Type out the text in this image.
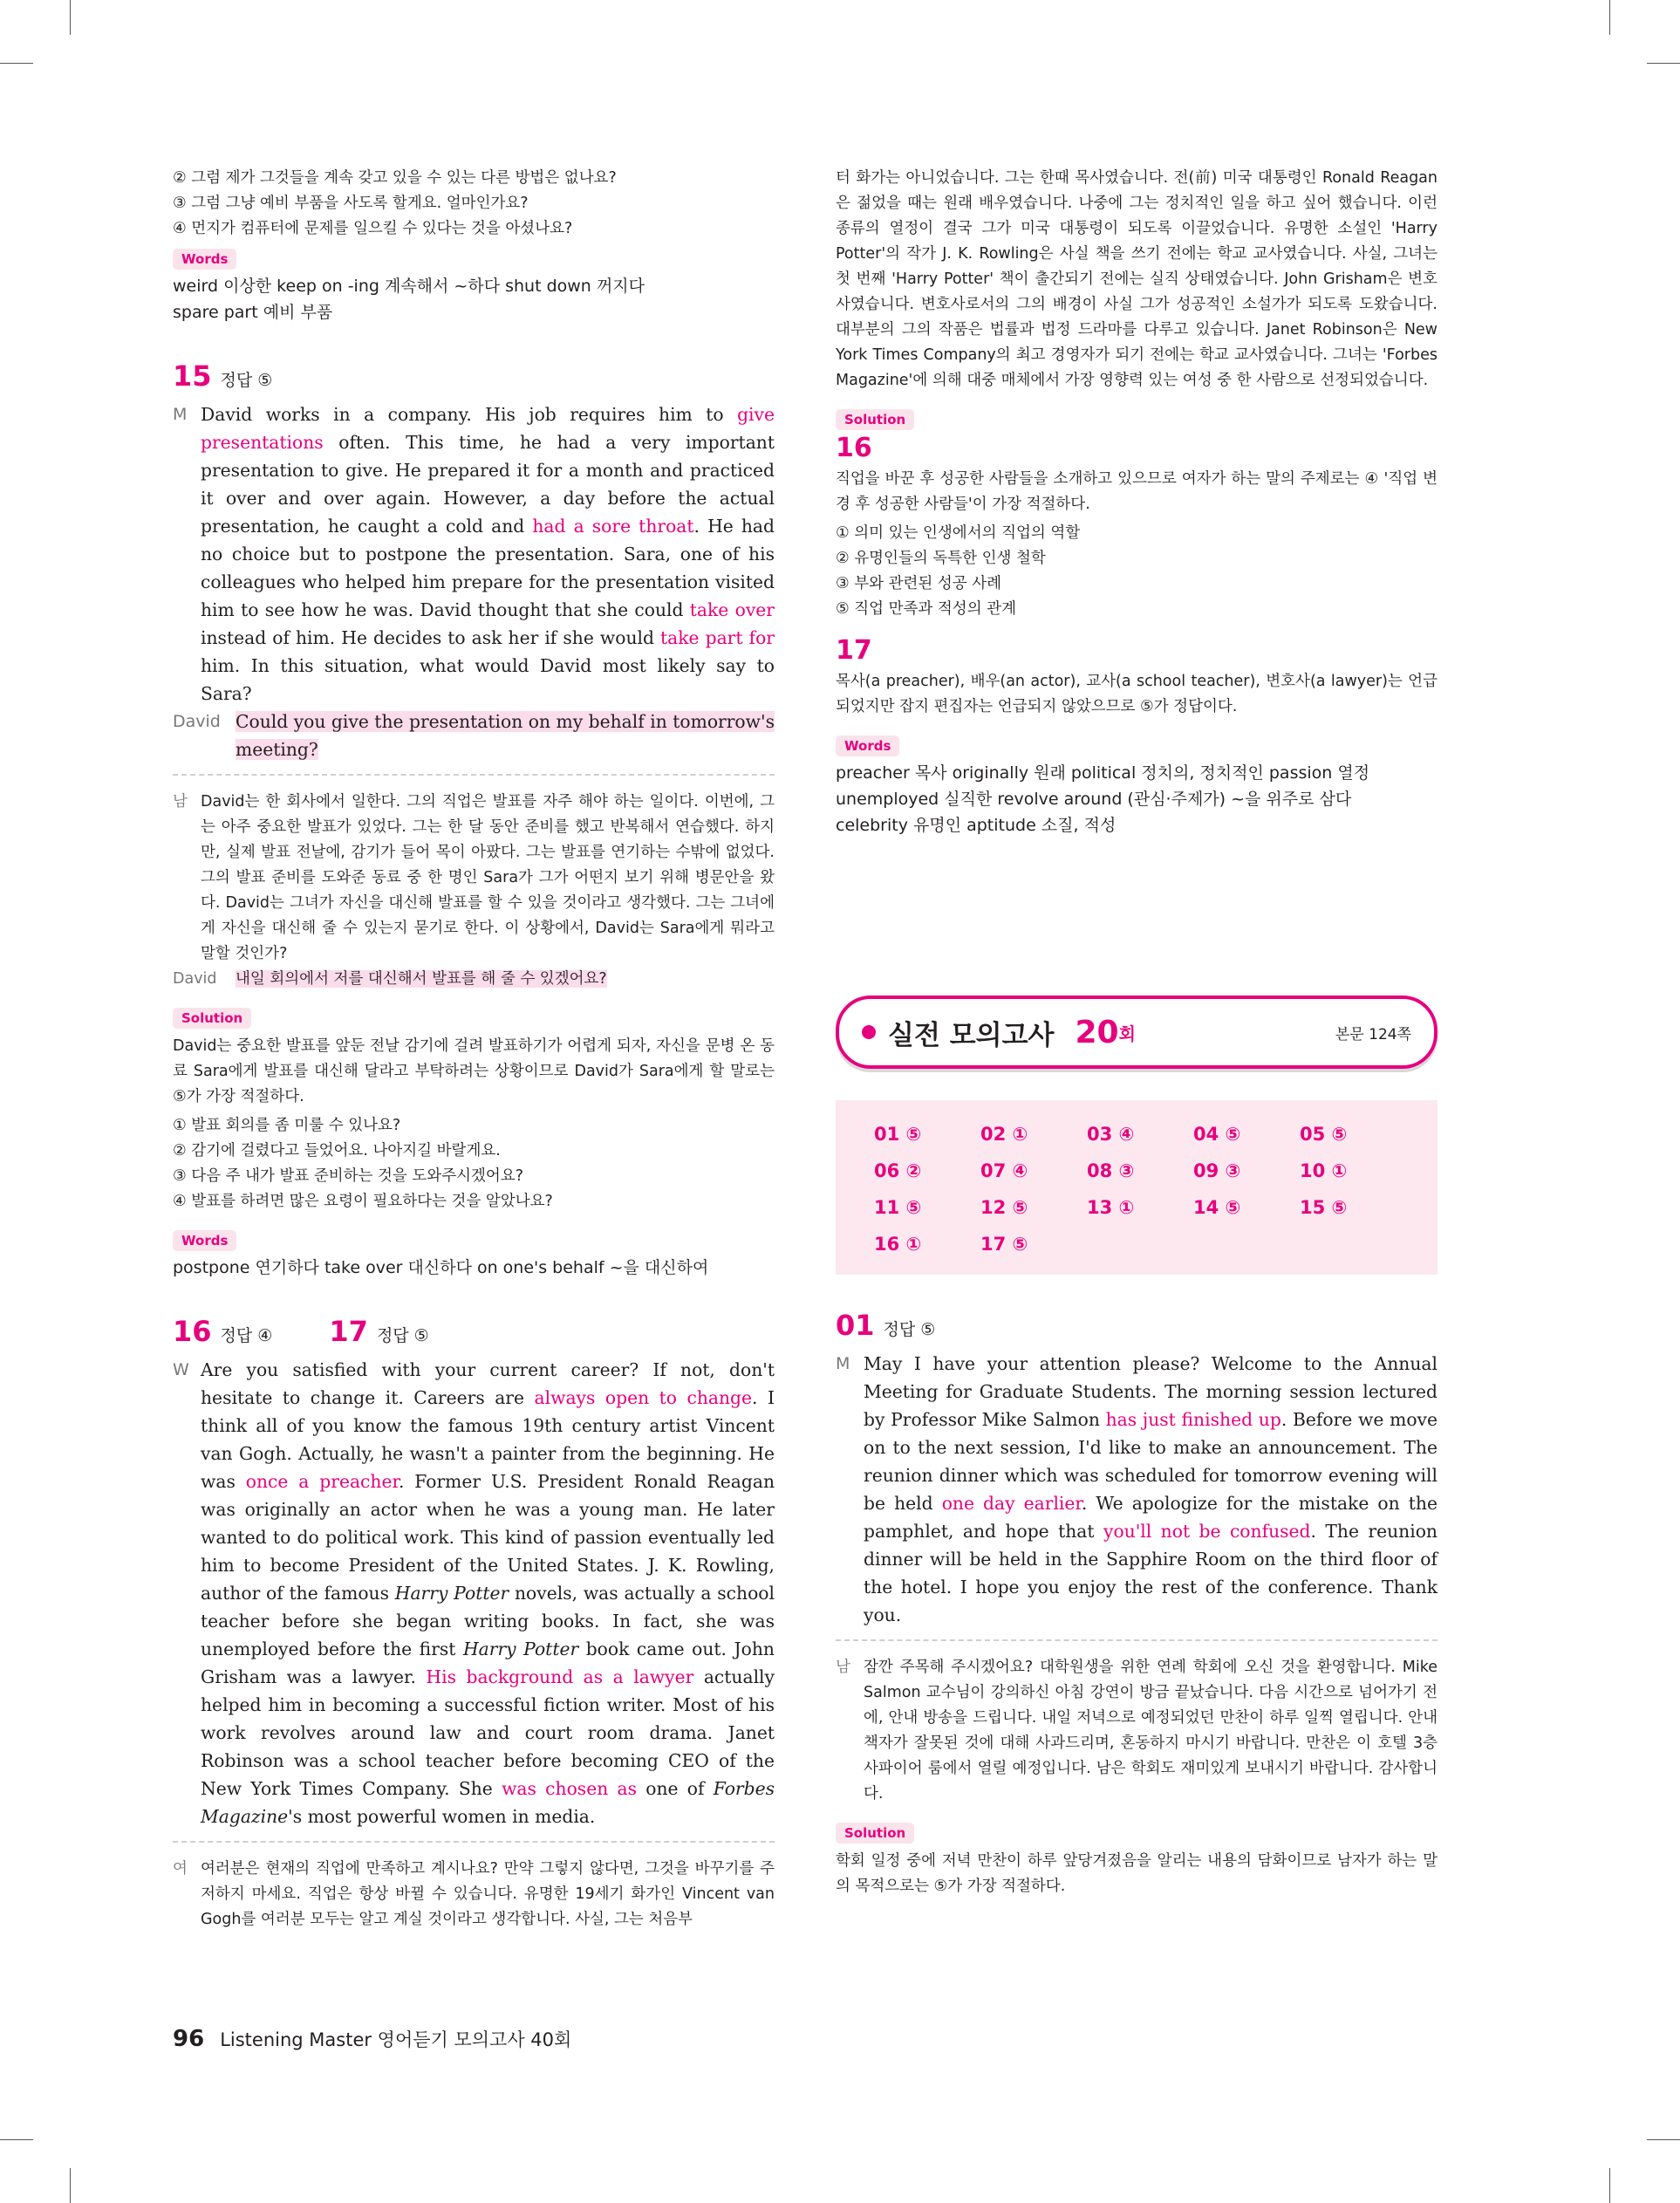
② 그럼 제가 그것들을 계속 갖고 있을 수 있는 다른 방법은 없나요?

③ 그럼 그냥 예비 부품을 사도록 할게요. 얼마인가요?

④ 먼지가 컴퓨터에 문제를 일으킬 수 있다는 것을 아셨나요?

Words

weird 이상한 keep on -ing 계속해서 ~하다 shut down 꺼지다

spare part 예비 부품

15 정답 ⑤

M David works in a company. His job requires him to give presentations often. This time, he had a very important presentation to give. He prepared it for a month and practiced it over and over again. However, a day before the actual presentation, he caught a cold and had a sore throat. He had no choice but to postpone the presentation. Sara, one of his colleagues who helped him prepare for the presentation visited him to see how he was. David thought that she could take over instead of him. He decides to ask her if she would take part for him. In this situation, what would David most likely say to Sara?

David Could you give the presentation on my behalf in tomorrow's meeting?

남 David는 한 회사에서 일한다. 그의 직업은 발표를 자주 해야 하는 일이다. 이번에, 그는 아주 중요한 발표가 있었다. 그는 한 달 동안 준비를 했고 반복해서 연습했다. 하지만, 실제 발표 전날에, 감기가 들어 목이 아팠다. 그는 발표를 연기하는 수밖에 없었다. 그의 발표 준비를 도와준 동료 중 한 명인 Sara가 그가 어떤지 보기 위해 병문안을 왔다. David는 그녀가 자신을 대신해 발표를 할 수 있을 것이라고 생각했다. 그는 그녀에게 자신을 대신해 줄 수 있는지 묻기로 한다. 이 상황에서, David는 Sara에게 뭐라고 말할 것인가?

David	내일 회의에서 저를 대신해서 발표를 해 줄 수 있겠어요?

Solution

David는 중요한 발표를 앞둔 전날 감기에 걸려 발표하기가 어렵게 되자, 자신을 문병 온 동료 Sara에게 발표를 대신해 달라고 부탁하려는 상황이므로 David가 Sara에게 할 말로는 ⑤가 가장 적절하다.

① 발표 회의를 좀 미룰 수 있나요?

② 감기에 걸렸다고 들었어요. 나아지길 바랄게요.

③ 다음 주 내가 발표 준비하는 것을 도와주시겠어요?

④ 발표를 하려면 많은 요령이 필요하다는 것을 알았나요?

Words

postpone 연기하다 take over 대신하다 on one's behalf ~을 대신하여

16 정답 ④ 17 정답 ⑤

W Are you satisfied with your current career? If not, don't hesitate to change it. Careers are always open to change. I think all of you know the famous 19th century artist Vincent van Gogh. Actually, he wasn't a painter from the beginning. He was once a preacher. Former U.S. President Ronald Reagan was originally an actor when he was a young man. He later wanted to do political work. This kind of passion eventually led him to become President of the United States. J. K. Rowling, author of the famous Harry Potter novels, was actually a school teacher before she began writing books. In fact, she was unemployed before the first Harry Potter book came out. John Grisham was a lawyer. His background as a lawyer actually helped him in becoming a successful fiction writer. Most of his work revolves around law and court room drama. Janet Robinson was a school teacher before becoming CEO of the New York Times Company. She was chosen as one of Forbes Magazine's most powerful women in media.

여 여러분은 현재의 직업에 만족하고 계시나요? 만약 그렇지 않다면, 그것을 바꾸기를 주저하지 마세요. 직업은 항상 바뀔 수 있습니다. 유명한 19세기 화가인 Vincent van Gogh를 여러분 모두는 알고 계실 것이라고 생각합니다. 사실, 그는 처음부

터 화가는 아니었습니다. 그는 한때 목사였습니다. 전(前) 미국 대통령인 Ronald Reagan은 젊었을 때는 원래 배우였습니다. 나중에 그는 정치적인 일을 하고 싶어 했습니다. 이런 종류의 열정이 결국 그가 미국 대통령이 되도록 이끌었습니다. 유명한 소설인 'Harry Potter'의 작가 J. K. Rowling은 사실 책을 쓰기 전에는 학교 교사였습니다. 사실, 그녀는 첫 번째 'Harry Potter' 책이 출간되기 전에는 실직 상태였습니다. John Grisham은 변호사였습니다. 변호사로서의 그의 배경이 사실 그가 성공적인 소설가가 되도록 도왔습니다. 대부분의 그의 작품은 법률과 법정 드라마를 다루고 있습니다. Janet Robinson은 New York Times Company의 최고 경영자가 되기 전에는 학교 교사였습니다. 그녀는 'Forbes Magazine'에 의해 대중 매체에서 가장 영향력 있는 여성 중 한 사람으로 선정되었습니다.

Solution
16

직업을 바꾼 후 성공한 사람들을 소개하고 있으므로 여자가 하는 말의 주제로는 ④ '직업 변경 후 성공한 사람들'이 가장 적절하다.

① 의미 있는 인생에서의 직업의 역할

② 유명인들의 독특한 인생 철학

③ 부와 관련된 성공 사례

⑤ 직업 만족과 적성의 관계

17

목사(a preacher), 배우(an actor), 교사(a school teacher), 변호사(a lawyer)는 언급되었지만 잡지 편집자는 언급되지 않았으므로 ⑤가 정답이다.

Words

preacher 목사 originally 원래 political 정치의, 정치적인 passion 열정

unemployed 실직한 revolve around (관심·주제가) ~을 위주로 삼다

celebrity 유명인 aptitude 소질, 적성

실전 모의고사 20 회	본문 124쪽
01 ⑤	02 ①	03 ④	04 ⑤	05 ⑤
06 ②	07 ④	08 ③	09 ③	10 ①
11 ⑤	12 ⑤	13 ①	14 ⑤	15 ⑤
16 ①	17 ⑤

01 정답 ⑤

M May I have your attention please? Welcome to the Annual Meeting for Graduate Students. The morning session lectured by Professor Mike Salmon has just finished up. Before we move on to the next session, I'd like to make an announcement. The reunion dinner which was scheduled for tomorrow evening will be held one day earlier. We apologize for the mistake on the pamphlet, and hope that you'll not be confused. The reunion dinner will be held in the Sapphire Room on the third floor of the hotel. I hope you enjoy the rest of the conference. Thank you.

남 잠깐 주목해 주시겠어요? 대학원생을 위한 연례 학회에 오신 것을 환영합니다. Mike Salmon 교수님이 강의하신 아침 강연이 방금 끝났습니다. 다음 시간으로 넘어가기 전에, 안내 방송을 드립니다. 내일 저녁으로 예정되었던 만찬이 하루 일찍 열립니다. 안내책자가 잘못된 것에 대해 사과드리며, 혼동하지 마시기 바랍니다. 만찬은 이 호텔 3층 사파이어 룸에서 열릴 예정입니다. 남은 학회도 재미있게 보내시기 바랍니다. 감사합니다.

Solution

학회 일정 중에 저녁 만찬이 하루 앞당겨졌음을 알리는 내용의 담화이므로 남자가 하는 말의 목적으로는 ⑤가 가장 적절하다.

96 Listening Master 영어듣기 모의고사 40회
